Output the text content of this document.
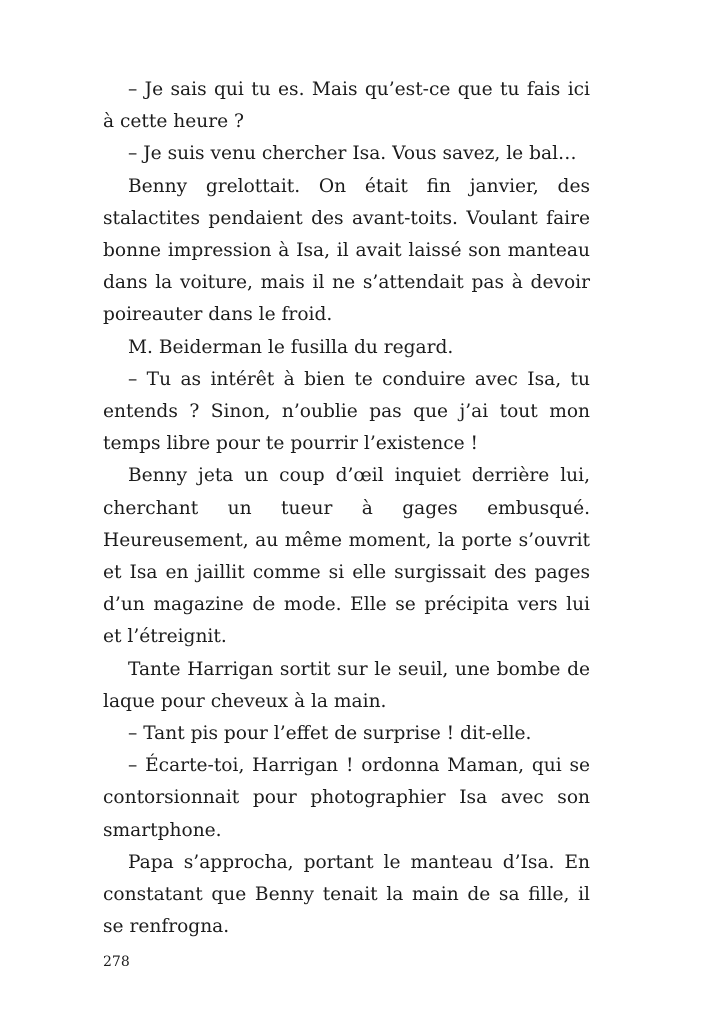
– Je sais qui tu es. Mais qu’est-ce que tu fais ici à cette heure ?

– Je suis venu chercher Isa. Vous savez, le bal…

Benny grelottait. On était fin janvier, des stalactites pendaient des avant-toits. Voulant faire bonne impression à Isa, il avait laissé son manteau dans la voiture, mais il ne s’attendait pas à devoir poireauter dans le froid.

M. Beiderman le fusilla du regard.

– Tu as intérêt à bien te conduire avec Isa, tu entends ? Sinon, n’oublie pas que j’ai tout mon temps libre pour te pourrir l’existence !

Benny jeta un coup d’œil inquiet derrière lui, cherchant un tueur à gages embusqué. Heureusement, au même moment, la porte s’ouvrit et Isa en jaillit comme si elle surgissait des pages d’un magazine de mode. Elle se précipita vers lui et l’étreignit.

Tante Harrigan sortit sur le seuil, une bombe de laque pour cheveux à la main.

– Tant pis pour l’effet de surprise ! dit-elle.

– Écarte-toi, Harrigan ! ordonna Maman, qui se contorsionnait pour photographier Isa avec son smartphone.

Papa s’approcha, portant le manteau d’Isa. En constatant que Benny tenait la main de sa fille, il se renfrogna.

278
